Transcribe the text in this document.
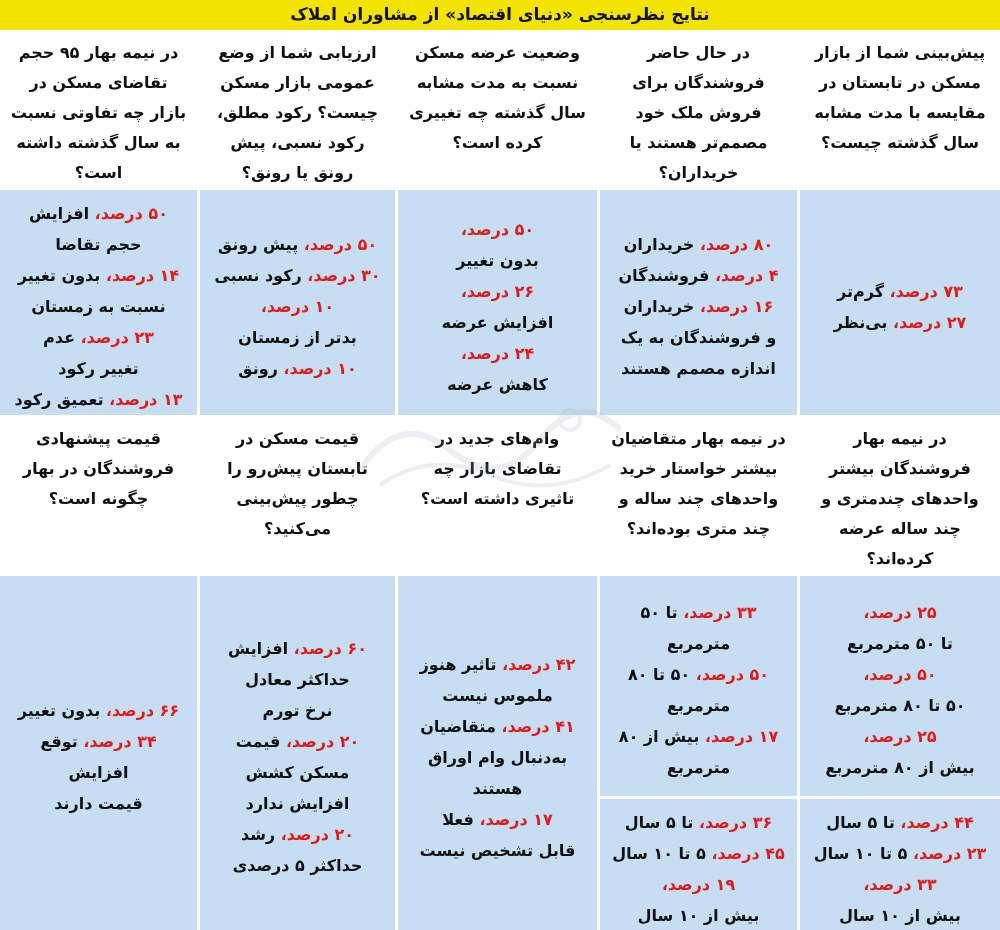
نتایج نظرسنجی «دنیای اقتصاد» از مشاوران املاک
پیش‌بینی شما از بازار مسکن در تابستان در مقایسه با مدت مشابه سال گذشته چیست؟
در حال حاضر فروشندگان برای فروش ملک خود مصمم‌تر هستند یا خریداران؟
وضعیت عرضه مسکن نسبت به مدت مشابه سال گذشته چه تغییری کرده است؟
ارزیابی شما از وضع عمومی بازار مسکن چیست؟ رکود مطلق، رکود نسبی، پیش رونق یا رونق؟
در نیمه بهار ۹۵ حجم تقاضای مسکن در بازار چه تفاوتی نسبت به سال گذشته داشته است؟
۷۳ درصد، گرم‌تر
۲۷ درصد، بی‌نظر
۸۰ درصد، خریداران
۴ درصد، فروشندگان
۱۶ درصد، خریداران
و فروشندگان به یک
اندازه مصمم هستند
۵۰ درصد،
بدون تغییر
۲۶ درصد،
افزایش عرضه
۲۴ درصد،
کاهش عرضه
۵۰ درصد، پیش رونق
۳۰ درصد، رکود نسبی
۱۰ درصد،
بدتر از زمستان
۱۰ درصد، رونق
۵۰ درصد، افزایش
حجم تقاضا
۱۴ درصد، بدون تغییر
نسبت به زمستان
۲۳ درصد، عدم
تغییر رکود
۱۳ درصد، تعمیق رکود
در نیمه بهار فروشندگان بیشتر واحدهای چندمتری و چند ساله عرضه کرده‌اند؟
در نیمه بهار متقاضیان بیشتر خواستار خرید واحدهای چند ساله و چند متری بوده‌اند؟
وام‌های جدید در تقاضای بازار چه تاثیری داشته است؟
قیمت مسکن در تابستان پیش‌رو را چطور پیش‌بینی می‌کنید؟
قیمت پیشنهادی فروشندگان در بهار چگونه است؟
۲۵ درصد،
تا ۵۰ مترمربع
۵۰ درصد،
۵۰ تا ۸۰ مترمربع
۲۵ درصد،
بیش از ۸۰ مترمربع
۳۳ درصد، تا ۵۰
مترمربع
۵۰ درصد، ۵۰ تا ۸۰
مترمربع
۱۷ درصد، بیش از ۸۰
مترمربع
۴۲ درصد، تاثیر هنوز
ملموس نیست
۴۱ درصد، متقاضیان
به‌دنبال وام اوراق هستند
۱۷ درصد، فعلا
قابل تشخیص نیست
۶۰ درصد، افزایش
حداکثر معادل
نرخ تورم
۲۰ درصد، قیمت
مسکن کشش
افزایش ندارد
۲۰ درصد، رشد
حداکثر ۵ درصدی
۶۶ درصد، بدون تغییر
۳۴ درصد، توقع افزایش
قیمت دارند
۴۴ درصد، تا ۵ سال
۲۳ درصد، ۵ تا ۱۰ سال
۳۳ درصد،
بیش از ۱۰ سال
۳۶ درصد، تا ۵ سال
۴۵ درصد، ۵ تا ۱۰ سال
۱۹ درصد،
بیش از ۱۰ سال
